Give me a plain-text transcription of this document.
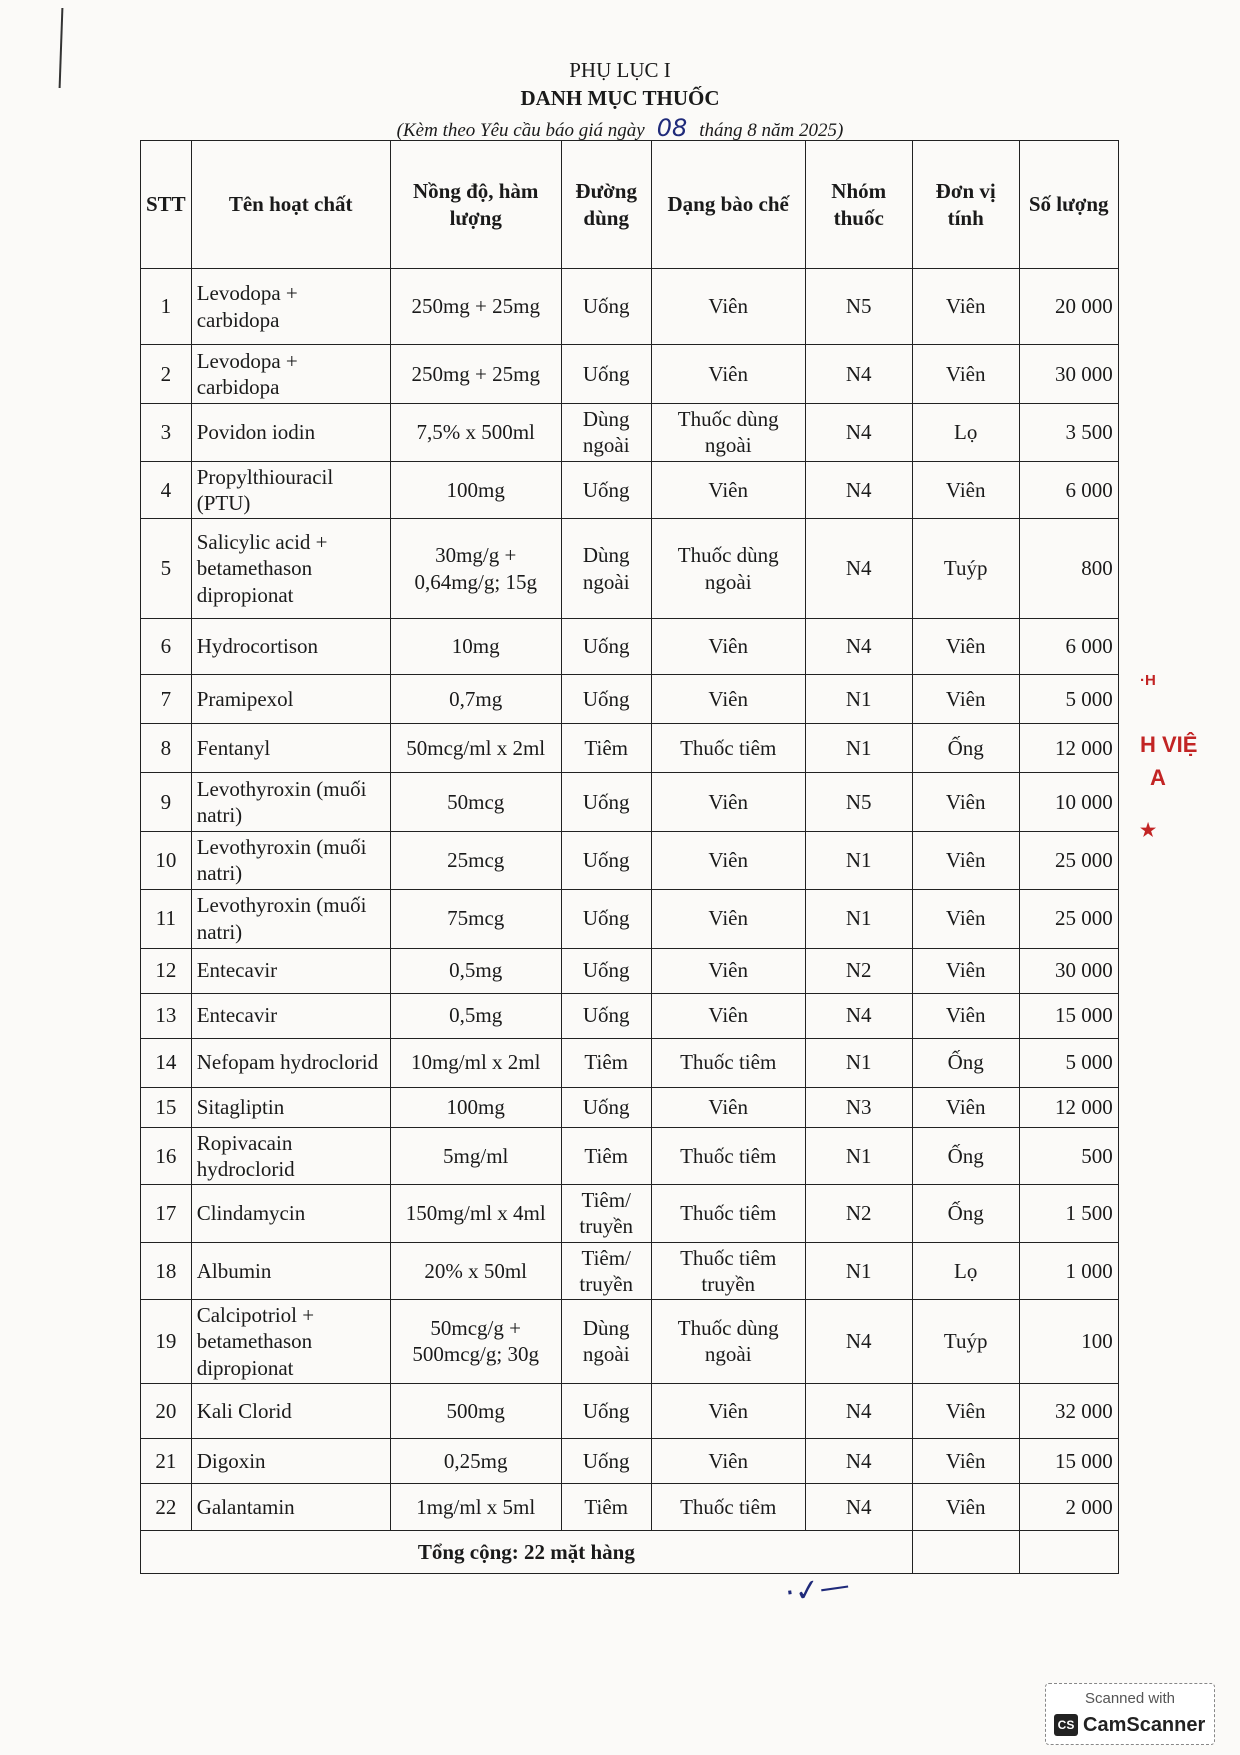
PHỤ LỤC I
DANH MỤC THUỐC
(Kèm theo Yêu cầu báo giá ngày 08 tháng 8 năm 2025)
STT	Tên hoạt chất	Nồng độ, hàm lượng	Đường dùng	Dạng bào chế	Nhóm thuốc	Đơn vị tính	Số lượng
1	Levodopa + carbidopa	250mg + 25mg	Uống	Viên	N5	Viên	20 000
2	Levodopa + carbidopa	250mg + 25mg	Uống	Viên	N4	Viên	30 000
3	Povidon iodin	7,5% x 500ml	Dùng ngoài	Thuốc dùng ngoài	N4	Lọ	3 500
4	Propylthiouracil (PTU)	100mg	Uống	Viên	N4	Viên	6 000
5	Salicylic acid + betamethason dipropionat	30mg/g + 0,64mg/g; 15g	Dùng ngoài	Thuốc dùng ngoài	N4	Tuýp	800
6	Hydrocortison	10mg	Uống	Viên	N4	Viên	6 000
7	Pramipexol	0,7mg	Uống	Viên	N1	Viên	5 000
8	Fentanyl	50mcg/ml x 2ml	Tiêm	Thuốc tiêm	N1	Ống	12 000
9	Levothyroxin (muối natri)	50mcg	Uống	Viên	N5	Viên	10 000
10	Levothyroxin (muối natri)	25mcg	Uống	Viên	N1	Viên	25 000
11	Levothyroxin (muối natri)	75mcg	Uống	Viên	N1	Viên	25 000
12	Entecavir	0,5mg	Uống	Viên	N2	Viên	30 000
13	Entecavir	0,5mg	Uống	Viên	N4	Viên	15 000
14	Nefopam hydroclorid	10mg/ml x 2ml	Tiêm	Thuốc tiêm	N1	Ống	5 000
15	Sitagliptin	100mg	Uống	Viên	N3	Viên	12 000
16	Ropivacain hydroclorid	5mg/ml	Tiêm	Thuốc tiêm	N1	Ống	500
17	Clindamycin	150mg/ml x 4ml	Tiêm/ truyền	Thuốc tiêm	N2	Ống	1 500
18	Albumin	20% x 50ml	Tiêm/ truyền	Thuốc tiêm truyền	N1	Lọ	1 000
19	Calcipotriol + betamethason dipropionat	50mcg/g + 500mcg/g; 30g	Dùng ngoài	Thuốc dùng ngoài	N4	Tuýp	100
20	Kali Clorid	500mg	Uống	Viên	N4	Viên	32 000
21	Digoxin	0,25mg	Uống	Viên	N4	Viên	15 000
22	Galantamin	1mg/ml x 5ml	Tiêm	Thuốc tiêm	N4	Viên	2 000
Tổng cộng: 22 mặt hàng							
·H
H VIỆ
A
★
·✓—
Scanned with
CS CamScanner
